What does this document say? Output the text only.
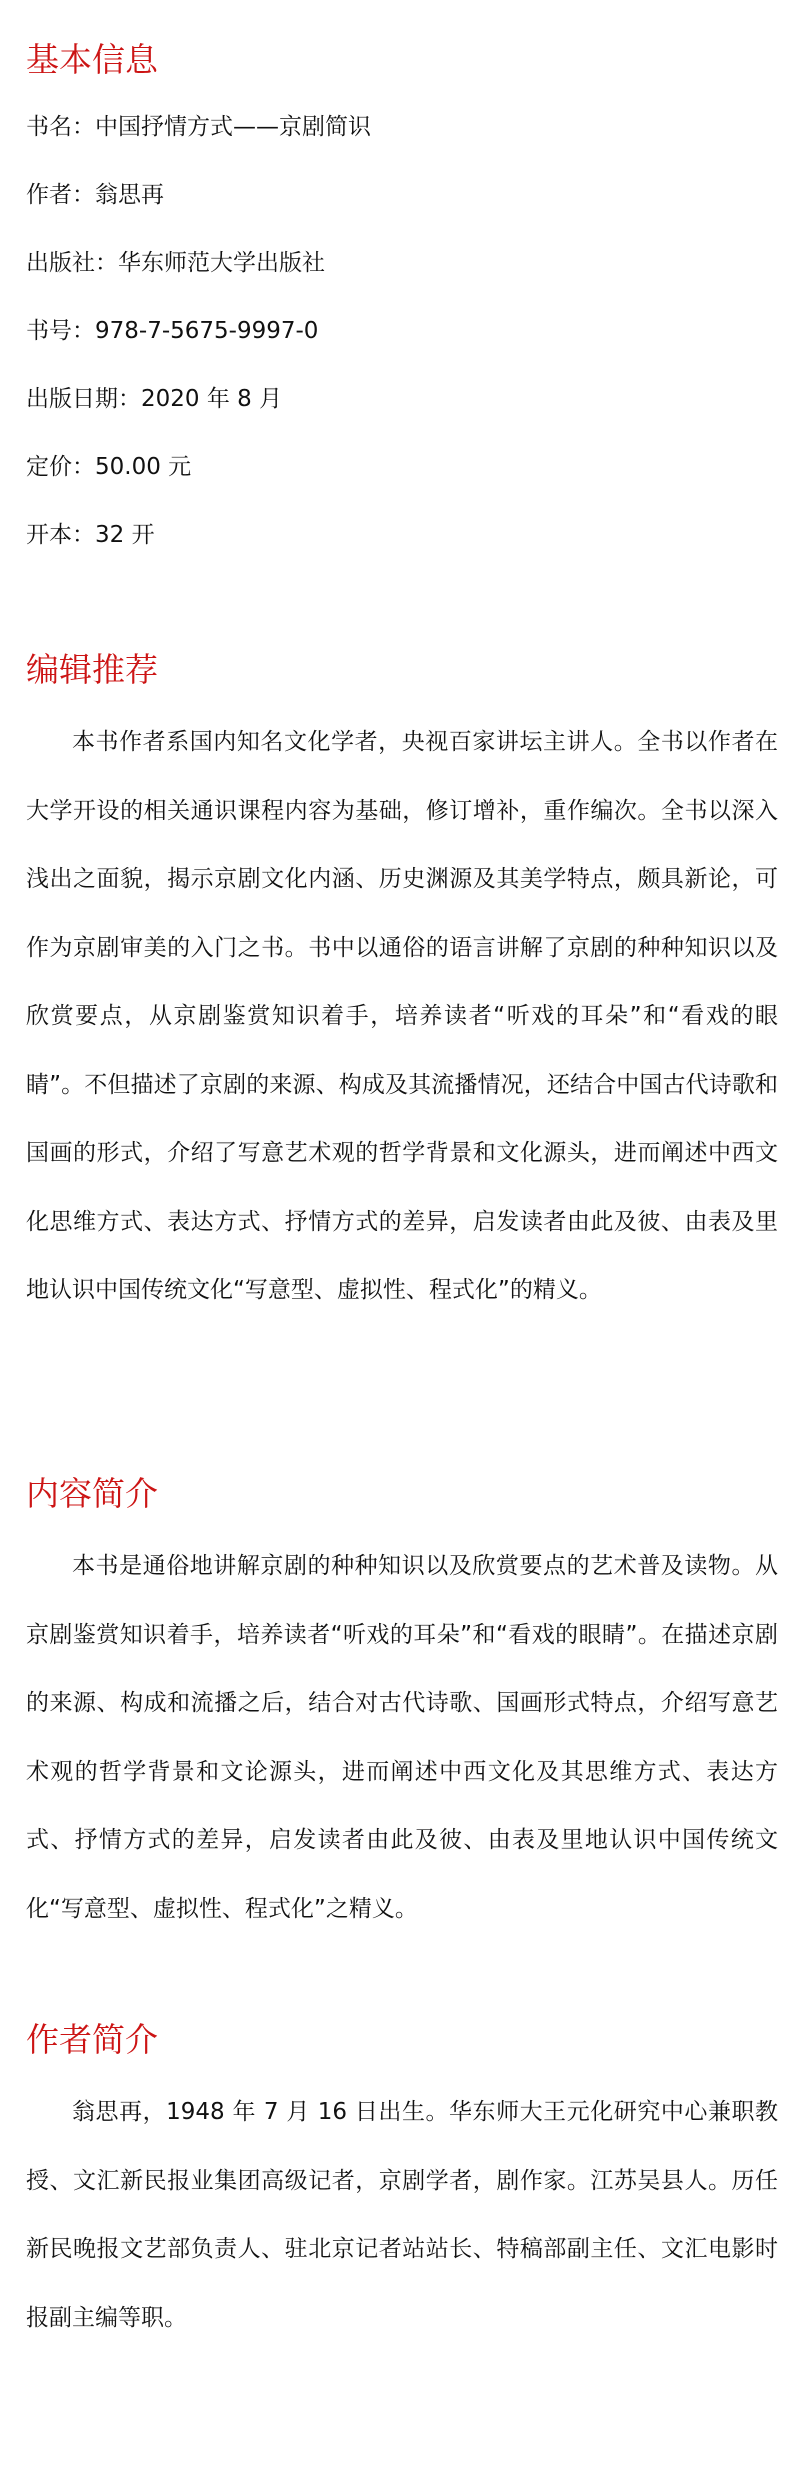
基本信息

书名：中国抒情方式——京剧简识

作者：翁思再

出版社：华东师范大学出版社

书号：978-7-5675-9997-0

出版日期：2020 年 8 月

定价：50.00 元

开本：32 开

编辑推荐

本书作者系国内知名文化学者，央视百家讲坛主讲人。全书以作者在大学开设的相关通识课程内容为基础，修订增补，重作编次。全书以深入浅出之面貌，揭示京剧文化内涵、历史渊源及其美学特点，颇具新论，可作为京剧审美的入门之书。书中以通俗的语言讲解了京剧的种种知识以及欣赏要点，从京剧鉴赏知识着手，培养读者“听戏的耳朵”和“看戏的眼睛”。不但描述了京剧的来源、构成及其流播情况，还结合中国古代诗歌和国画的形式，介绍了写意艺术观的哲学背景和文化源头，进而阐述中西文化思维方式、表达方式、抒情方式的差异，启发读者由此及彼、由表及里地认识中国传统文化“写意型、虚拟性、程式化”的精义。

内容简介

本书是通俗地讲解京剧的种种知识以及欣赏要点的艺术普及读物。从京剧鉴赏知识着手，培养读者“听戏的耳朵”和“看戏的眼睛”。在描述京剧的来源、构成和流播之后，结合对古代诗歌、国画形式特点，介绍写意艺术观的哲学背景和文论源头，进而阐述中西文化及其思维方式、表达方式、抒情方式的差异，启发读者由此及彼、由表及里地认识中国传统文化“写意型、虚拟性、程式化”之精义。

作者简介

翁思再，1948 年 7 月 16 日出生。华东师大王元化研究中心兼职教授、文汇新民报业集团高级记者，京剧学者，剧作家。江苏吴县人。历任新民晚报文艺部负责人、驻北京记者站站长、特稿部副主任、文汇电影时报副主编等职。
